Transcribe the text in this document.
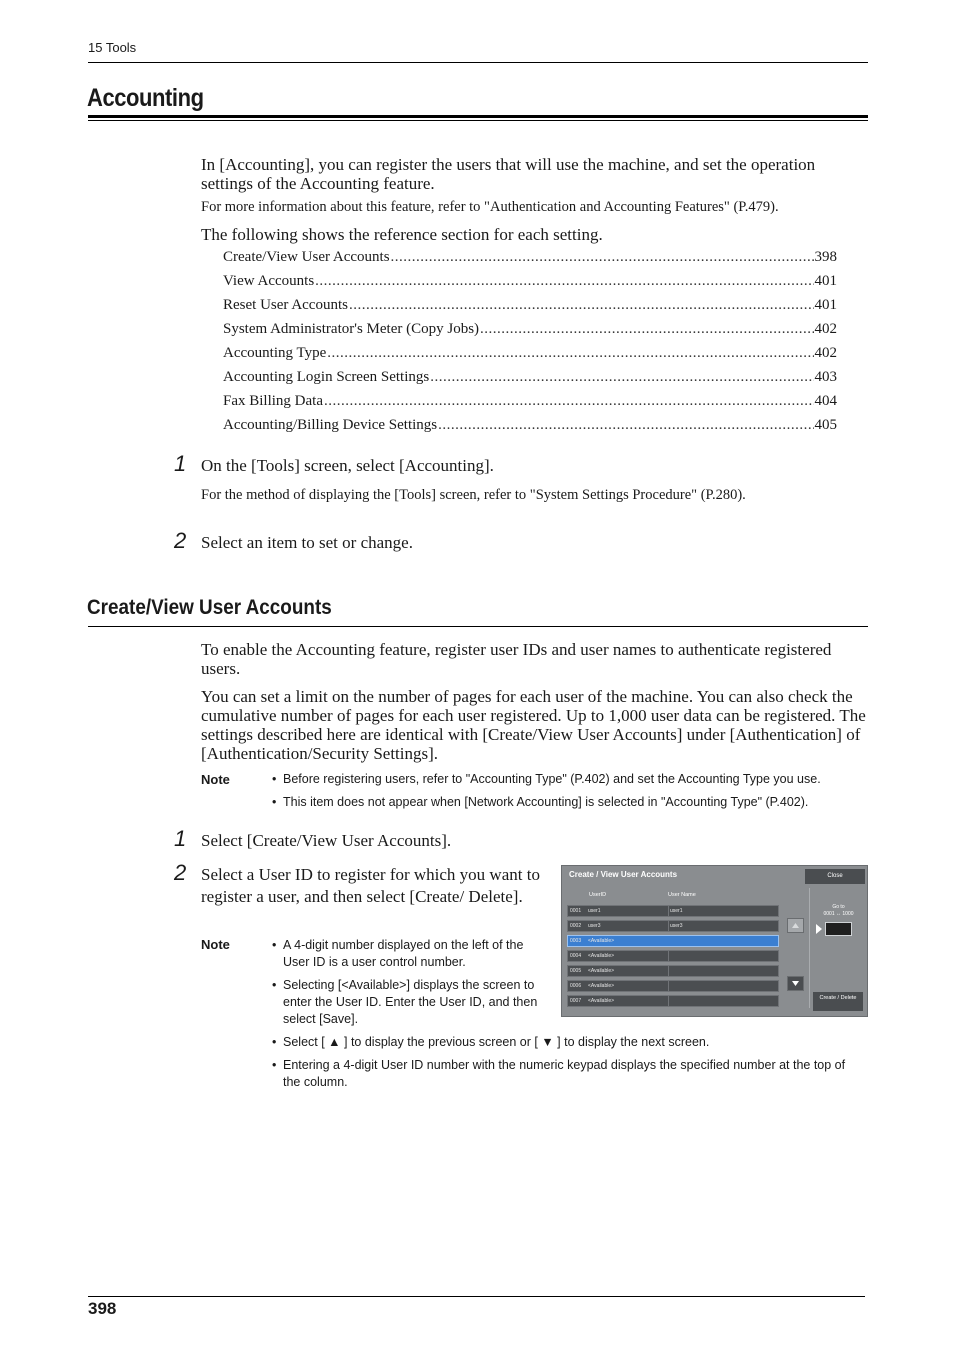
15 Tools
Accounting
In [Accounting], you can register the users that will use the machine, and set the operation settings of the Accounting feature.
For more information about this feature, refer to "Authentication and Accounting Features" (P.479).
The following shows the reference section for each setting.
Create/View User Accounts .....	398
View Accounts .....	401
Reset User Accounts .....	401
System Administrator's Meter (Copy Jobs) .....	402
Accounting Type .....	402
Accounting Login Screen Settings .....	403
Fax Billing Data .....	404
Accounting/Billing Device Settings .....	405
1 On the [Tools] screen, select [Accounting].
For the method of displaying the [Tools] screen, refer to "System Settings Procedure" (P.280).
2 Select an item to set or change.
Create/View User Accounts
To enable the Accounting feature, register user IDs and user names to authenticate registered users.
You can set a limit on the number of pages for each user of the machine. You can also check the cumulative number of pages for each user registered. Up to 1,000 user data can be registered. The settings described here are identical with [Create/View User Accounts] under [Authentication] of [Authentication/Security Settings].
Note	• Before registering users, refer to "Accounting Type" (P.402) and set the Accounting Type you use.
• This item does not appear when [Network Accounting] is selected in "Accounting Type" (P.402).
1 Select [Create/View User Accounts].
2 Select a User ID to register for which you want to register a user, and then select [Create/ Delete].
Note	• A 4-digit number displayed on the left of the User ID is a user control number.
• Selecting [<Available>] displays the screen to enter the User ID. Enter the User ID, and then select [Save].
• Select [ ▲ ] to display the previous screen or [ ▼ ] to display the next screen.
• Entering a 4-digit User ID number with the numeric keypad displays the specified number at the top of the column.
Create / View User Accounts	Close
UserID	User Name
0001 user1	user1
0002 user3	user3
0003 <Available>
0004 <Available>
0005 <Available>
0006 <Available>
0007 <Available>
Go to
0001 ↔ 1000
Create / Delete
398
